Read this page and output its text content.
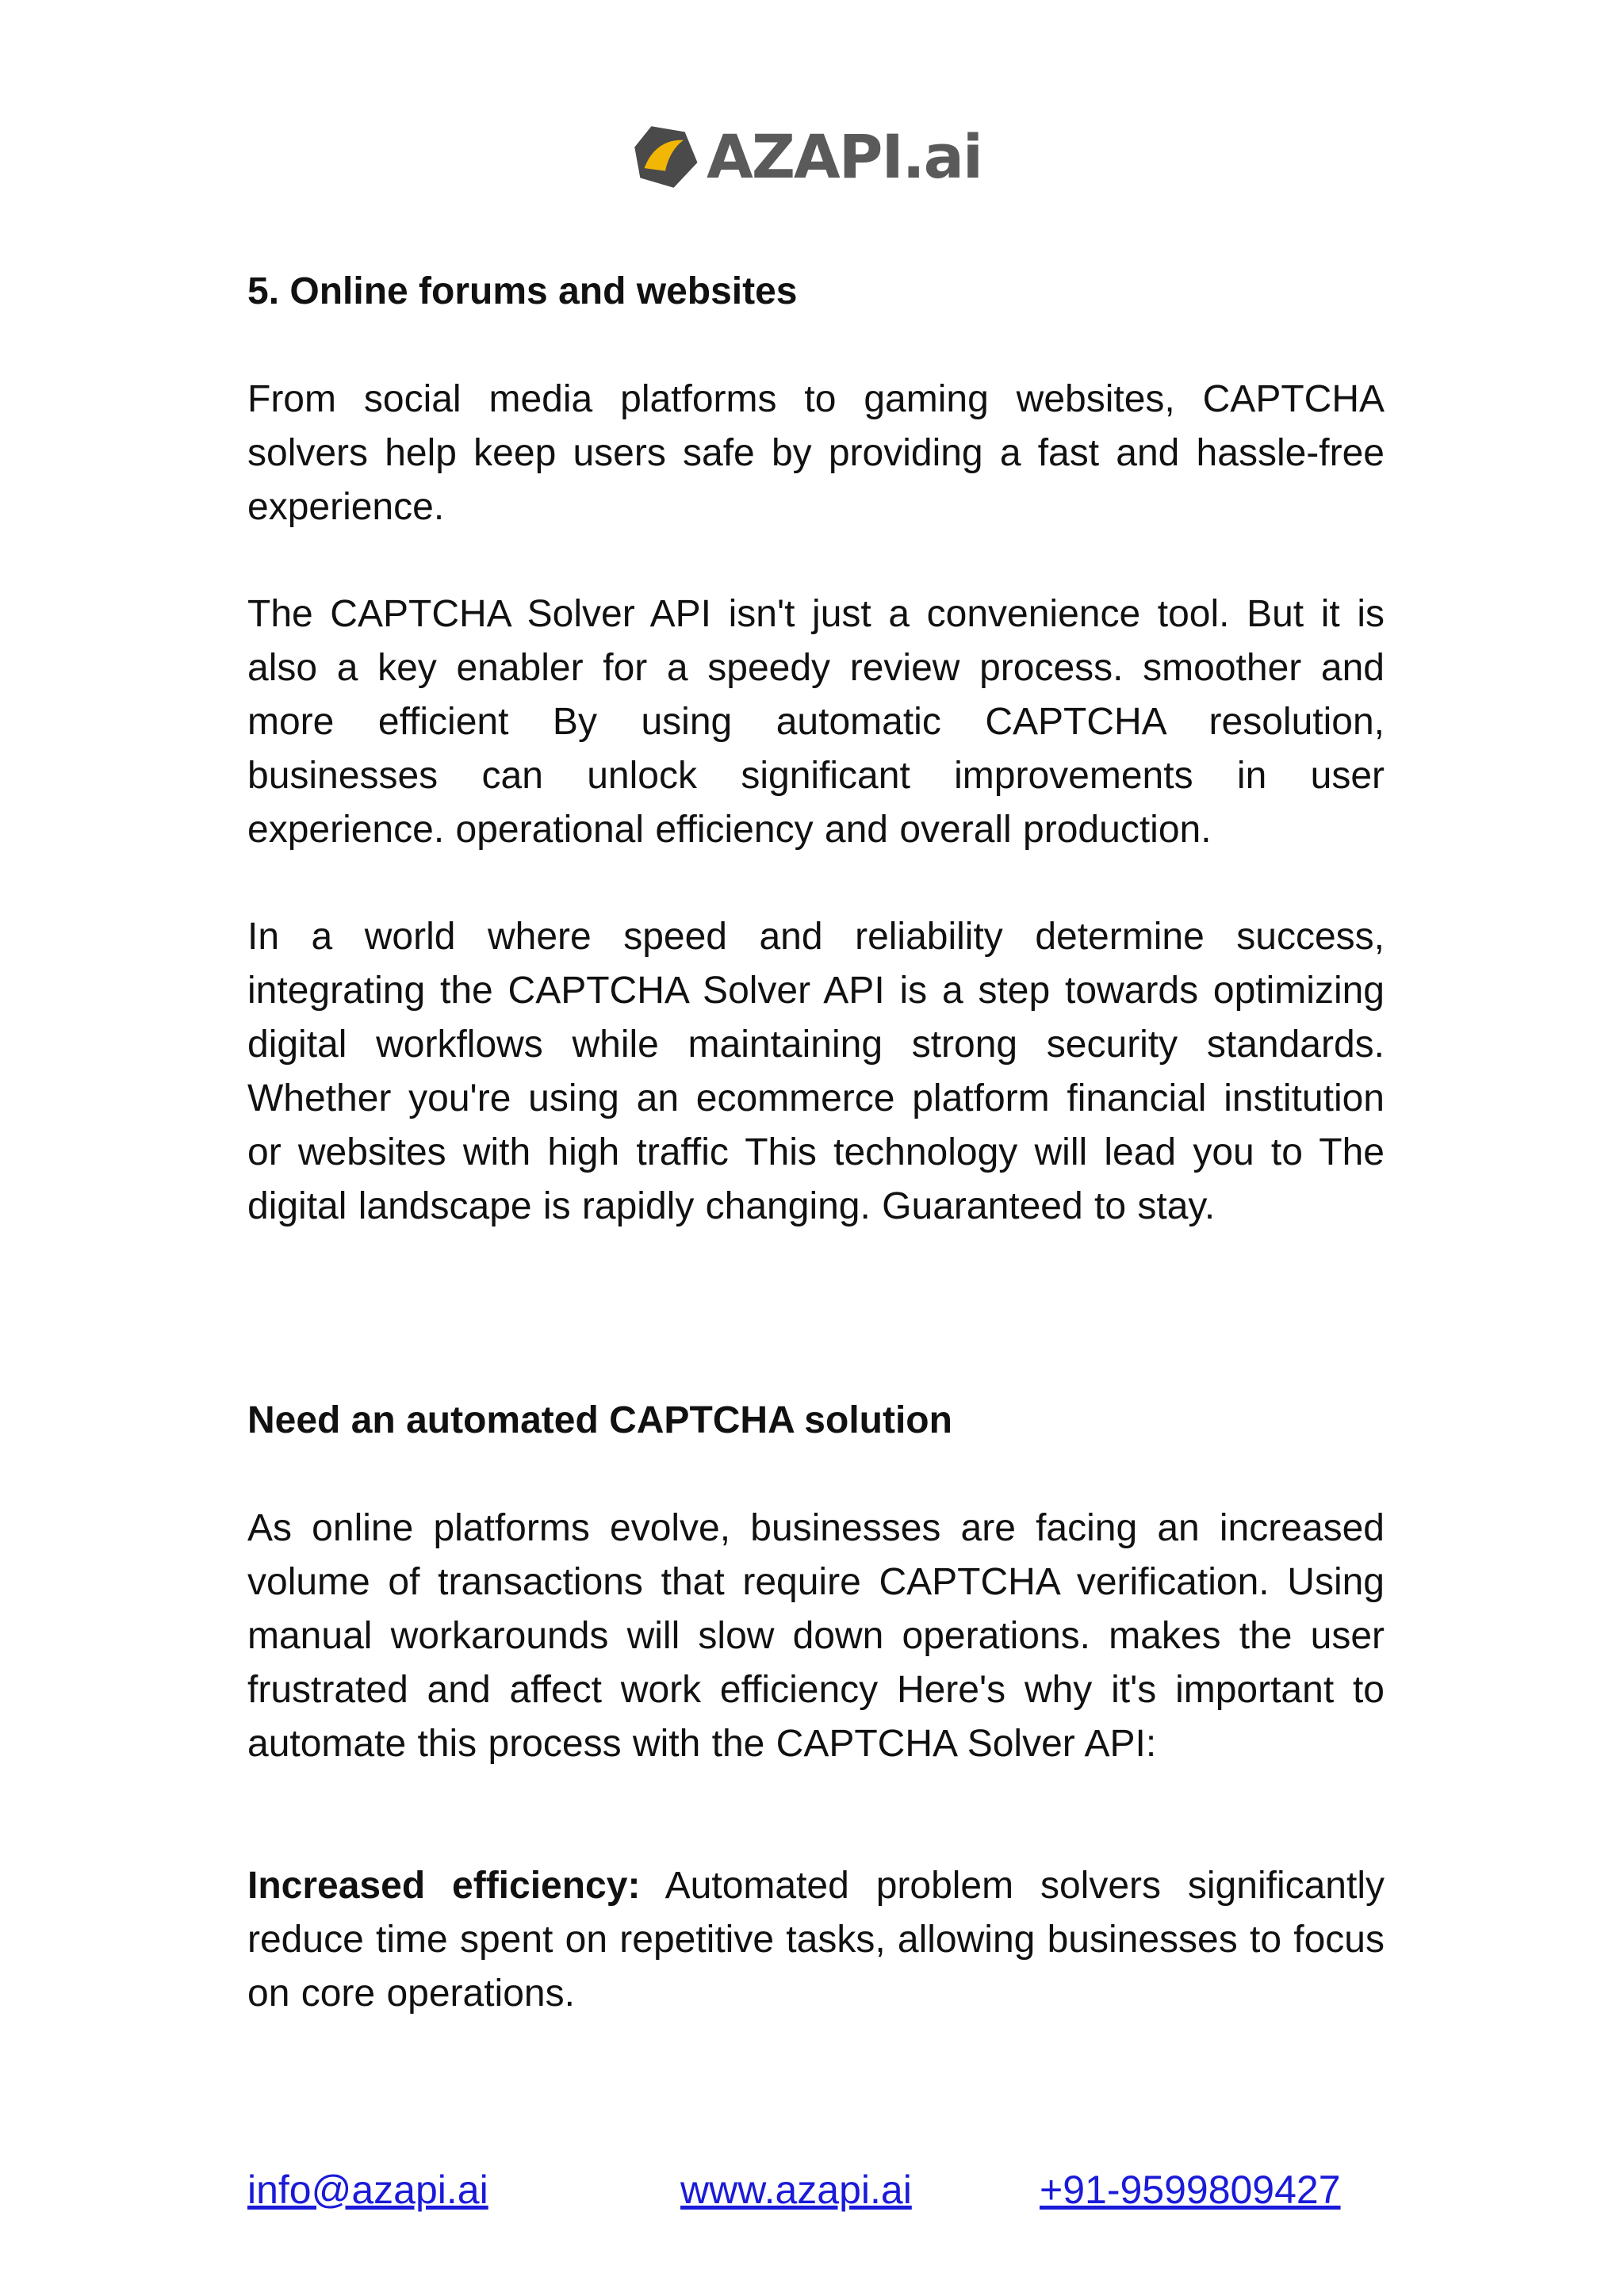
AZAPI.ai
5. Online forums and websites

From social media platforms to gaming websites, CAPTCHA solvers help keep users safe by providing a fast and hassle-free experience.

The CAPTCHA Solver API isn't just a convenience tool. But it is also a key enabler for a speedy review process. smoother and more efficient By using automatic CAPTCHA resolution, businesses can unlock significant improvements in user experience. operational efficiency and overall production.

In a world where speed and reliability determine success, integrating the CAPTCHA Solver API is a step towards optimizing digital workflows while maintaining strong security standards. Whether you're using an ecommerce platform financial institution or websites with high traffic This technology will lead you to The digital landscape is rapidly changing. Guaranteed to stay.

Need an automated CAPTCHA solution

As online platforms evolve, businesses are facing an increased volume of transactions that require CAPTCHA verification. Using manual workarounds will slow down operations. makes the user frustrated and affect work efficiency Here's why it's important to automate this process with the CAPTCHA Solver API:

Increased efficiency: Automated problem solvers significantly reduce time spent on repetitive tasks, allowing businesses to focus on core operations.

info@azapi.ai	www.azapi.ai	+91-9599809427
